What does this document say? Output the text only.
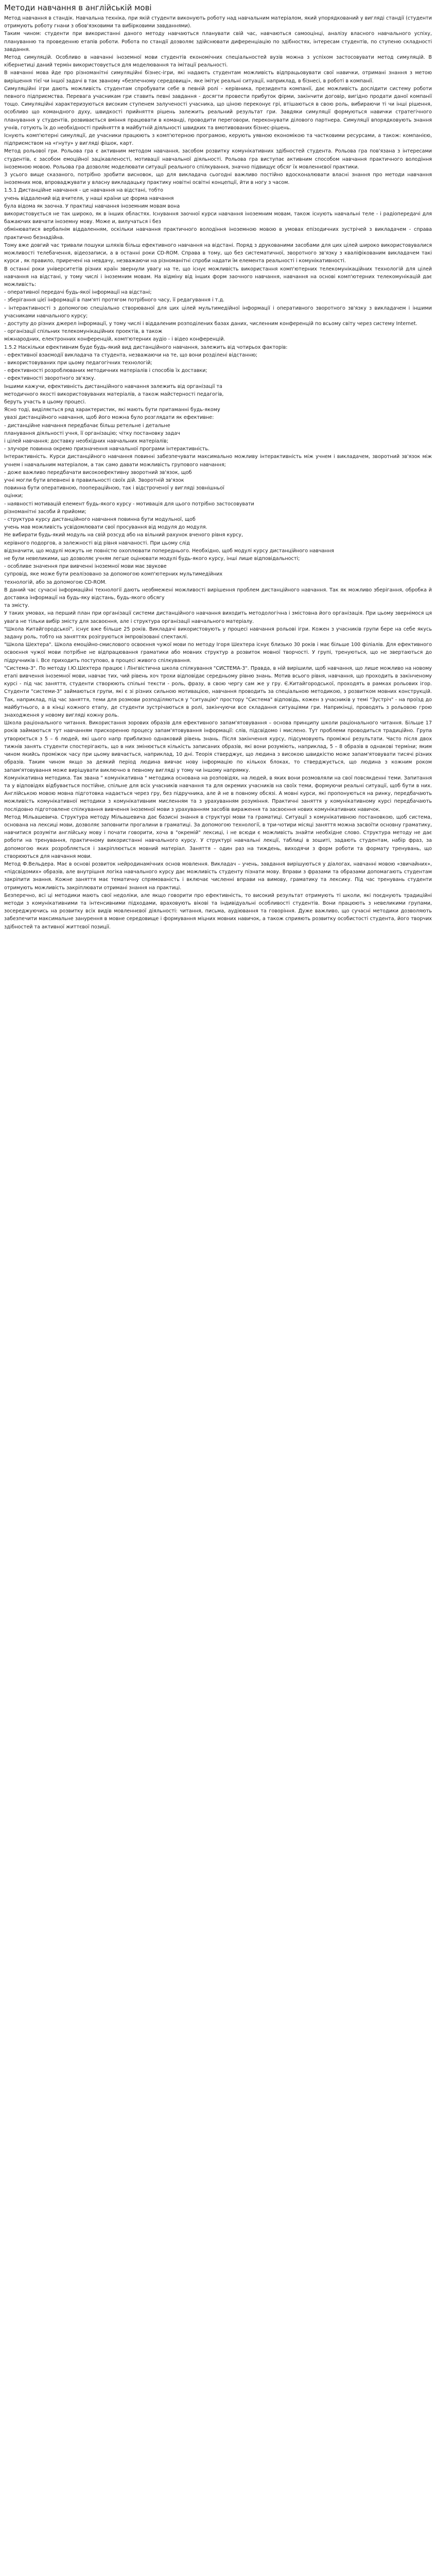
Методи навчання в англійській мові

Метод навчання в стандік. Навчальна техніка, при якій студенти виконують роботу над навчальним матеріалом, який упорядкований у вигляді стандії (студенти отримують роботу гнани з обов'язковими та вибірковими завданнями).

Таким чином: студенти при використанні даного методу навчаються планувати свій час, навчаються самооцінці, аналізу власного навчального успіху, плануванню та проведенню етапів роботи. Робота по стандії дозволяє здійснювати диференціацію по здібностях, інтересам студентів, по ступеню складності завдання.

Метод симуляцій. Особливо в навчанні іноземної мови студентів економічних спеціальностей вузів можна з успіхом застосовувати метод симуляцій. В кібернетиці даний термін використовується для моделювання та імітації реальності.

В навчанні мова йде про різноманітні симуляційні бізнес-ігри, які надають студентам можливість відпрацьовувати свої навички, отримані знання з метою вирішення тієї чи іншої задачі в так званому «безпечному середовищі», яке імітує реальні ситуації, наприклад, в бізнесі, в роботі в компанії.

Симуляційні ігри дають можливість студентам спробувати себе в певній ролі - керівника, президента компанії, дає можливість дослідити систему роботи певного підприємства. Перевага учасникам гри ставить певні завдання - досягти провести прибуток фірми, закінчити договір, вигідно продати даної компанії тощо. Симуляційні характеризуються високим ступенем залученості учасника, що ціною переконує грі, втішаються в свою роль, вибираючи ті чи інші рішення, особливо що командного духу, швидкості прийняття рішень залежить реальний результат гри. Завдяки симуляції формуються навички стратегічного планування у студентів, розвивається вміння працювати в команді, проводити переговори, переконувати ділового партнера. Симуляції впорядковують знання учнів, готують їх до необхідності прийняття в майбутній діяльності швидких та вмотивованих бізнес-рішень.

Існують комп'ютерні симуляції, де учасники працюють з комп'ютерною програмою, керують уявною економікою та частковими ресурсами, а також: компанією, підприємством на «гнуту» у вигляді фішок, карт.

Метод рольової гри. Рольова гра є активним методом навчання, засобом розвитку комунікативних здібностей студента. Рольова гра пов'язана з інтересами студентів, є засобом емоційної зацікавленості, мотивації навчальної діяльності. Рольова гра виступає активним способом навчання практичного володіння іноземною мовою. Рольова гра дозволяє моделювати ситуації реального спілкування, значно підвищує обсяг їх мовленнєвої практики.

З усього вище сказаного, потрібно зробити висновок, що для викладача сьогодні важливо постійно вдосконалювати власні знання про методи навчання іноземних мов, впроваджувати у власну викладацьку практику новітні освітні концепції, йти в ногу з часом.

1.5.1 Дистанційне навчання - це навчання на відстані, тобто

учень віддалений від вчителя, у наші країни це форма навчання

була відома як заочна. У практиці навчання іноземним мовам вона

використовується не так широко, як в інших областях. Існування заочної курси навчання іноземним мовам, також існують навчальні теле - і радіопередачі для бажаючих вивчати іноземну мову. Може и, вилучаться і без

обмінюватися вербалнім віддаленням, оскільки навчання практичного володіння іноземною мовою в умовах епізодичних зустрічей з викладачем - справа практично безнадійна.

Тому вже довгий час тривали пошуки шляхів більш ефективного навчання на відстані. Поряд з друкованими засобами для цих цілей широко використовувалися можливості телебачення, відеозаписи, а в останні роки CD-ROM. Справа в тому, що без систематичної, зворотного зв'язку з кваліфікованим викладачем такі курси , як правило, приречені на невдачу, незважаючи на різноманітні спроби надати їм елемента реальності і комунікативності.

В останні роки університетів різних країн звернули увагу на те, що існує можливість використання комп'ютерних телекомунікаційних технологій для цілей навчання на відстані, у тому числі і іноземним мовам. На відміну від інших форм заочного навчання, навчання на основі комп'ютерних телекомунікацій дає можливість:

- оперативної передачі будь-якої інформації на відстані;

- зберігання цієї інформації в пам'яті протягом потрібного часу, її редагування і т.д.

- інтерактивності з допомогою спеціально створюваної для цих цілей мультимедійної інформації і оперативного зворотного зв'язку з викладачем і іншими учасниками навчального курсу;

- доступу до різних джерел інформації, у тому числі і віддаленим розподілених базах даних, численним конференцій по всьому світу через систему Internet.

- організації спільних телекомунікаційних проектів, в також

міжнародних, електронних конференцій, комп'ютерних аудіо - і відео конференцій.

1.5.2 Наскільки ефективним буде будь-який вид дистанційного навчання, залежить від чотирьох факторів:

- ефективної взаємодії викладача та студента, незважаючи на те, що вони розділені відстанню;

- використовуваних при цьому педагогічних технологій;

- ефективності розроблюваних методичних матеріалів і способів їх доставки;

- ефективності зворотного зв'язку.

Іншими кажучи, ефективність дистанційного навчання залежить від організації та

методичного якості використовуваних матеріалів, а також майстерності педагогів,

беруть участь в цьому процесі.

Ясно тоді, виділяється ряд характеристик, які мають бути притаманні будь-якому

увазі дистанційного навчання, щоб його можна було розглядати як ефективне:

- дистанційне навчання передбачає більш ретельне і детальне

планування діяльності учня, її організацію; чітку постановку задач

і цілей навчання; доставку необхідних навчальних матеріалів;

- злучоре повинна окремо призначення навчальної програми інтерактивність.

Інтерактивність. Курси дистанційного навчання повинні забезпечувати максимально можливу інтерактивність між учнем і викладачем, зворотний зв'язок між учнем і навчальним матеріалом, а так само давати можливість групового навчання;

- доже важливо передбачати високоефективну зворотний зв'язок, щоб

учні могли бути впевнені в правильності своїх дій. Зворотній зв'язок

повинна бути оперативною, поопераційною, так і відстроченої у вигляді зовнішньої

оцінки;

- наявності мотивацій елемент будь-якого курсу - мотивація для цього потрібно застосовувати

різноманітні засоби й прийоми;

- структура курсу дистанційного навчання повинна бути модульної, щоб

учень мав можливість усвідомлювати свої просування від модуля до модуля.

Не вибирати будь-який модуль на свій розсуд або на вільний рахунок вченого рівня курсу,

керівного подоргов, а залежності від рівня навчаності. При цьому слід

відзначити, що модулі можуть не повністю охоплювати попереднього. Необхідно, щоб модулі курсу дистанційного навчання

не були невеликими, що дозволяє учням легше оцінювати модулі будь-якого курсу, інші лише відповідальності;

- особливе значення при вивченні іноземної мови має звукове

супровід, яке може бути реалізовано за допомогою комп'ютерних мультимедійних

технологій, або за допомогою CD-ROM.

В даний час сучасні інформаційні технології дають необмежені можливості вирішення проблем дистанційного навчання. Так як можливо зберігання, обробка й доставка інформації на будь-яку відстань, будь-якого обсягу

та змісту.

У таких умовах, на перший план при організації системи дистанційного навчання виходить методологічна і змістовна його організація. При цьому звернімося ця увага не тільки вибір змісту для засвоєння, але і структура організації навчального матеріалу.

"Школа Китайгородської", існує вже більше 25 років. Викладачі використовують у процесі навчання рольові ігри. Кожен з учасників групи бере на себе якусь задану роль, тобто на заняттях розігруються імпровізовані спектаклі.

"Школа Шехтера". Школа емоційно-смислового освоєння чужої мови по методу Ігоря Шехтера існує близько 30 років і має більше 100 філіалів. Для ефективного освоєння чужої мови потрібне не відпрацювання граматики або мовних структур а розвиток мовної творчості. У групі, тренуються, що не звертаються до підручників і. Все приходить поступово, в процесі живого спілкування.

"Система-3". По методу І.Ю.Шехтера працює і Лінгвістична школа спілкування "СИСТЕМА-3". Правда, в ній вирішили, щоб навчання, що лише можливо на новому етапі вивчення іноземної мови, навчає тих, чий рівень хоч трохи відповідає середньому рівню знань. Мотив всього рівня, навчання, що проходить в закінченому курсі - під час заняття, студенти створюють спільні тексти - роль, фразу, в свою чергу сам же у гру. Є.Китайгородської, проходять в рамках рольових ігор. Студенти "системи-3" займаються групи, які є зі різних сильною мотивацією, навчання проводить за спеціальною методикою, з розвитком мовних конструкцій. Так, наприклад, під час заняття, теми для розмови розподіляються у "ситуацію" простору "Система" відповідь, кожен з учасників у темі "Зустріч" - на проїзд до майбутнього, а в кінці кожного етапу, де студенти зустрічаються в ролі, закінчуючи все складання ситуаціями гри. Наприкінці, проводять з рольовою грою знаходження у новому вигляді кожну роль.

Школа раціонального читання. Використання зорових образів для ефективного запам'ятовування – основа принципу школи раціонального читання. Більше 17 років займаються тут навчанням прискоренню процесу запам'ятовування інформації: слів, підсвідомо і мислено. Тут проблеми проводиться традиційно. Група утворюється з 5 – 6 людей, які цього напр приблизно однаковий рівень знань. Після закінчення курсу, підсумовують проміжні результати. Часто після двох тижнів занять студенти спостерігають, що в них змінюється кількість записаних образів, які вони розуміють, наприклад, 5 – 8 образів в однакові терміни; яким чином якийсь проміжок часу при цьому вивчається, наприклад, 10 дні. Теорія стверджує, що людина з високою швидкістю може запам'ятовувати тисячі різних образів. Таким чином якщо за деякий період людина вивчає нову інформацію по кількох блоках, то стверджується, що людина з кожним роком запам'ятовування може вирішувати виключно в певному вигляді у тому чи іншому напрямку.

Комунікативна методика. Так звана " комунікативна " методика основана на розповідях, на людей, в яких вони розмовляли на свої повсякденні теми. Запитання та у відповідях відбувається постійне, спільне для всіх учасників навчання та для окремих учасників на своїх теми, формуючи реальні ситуації, щоб бути в них. Англійською мовою мовна підготовка надається через гру, без підручника, але й не в повному обсязі. А мовні курси, які пропонуються на ринку, передбачають можливість комунікативної методики з комунікативним мисленням та з урахуванням розуміння. Практичні заняття у комунікативному курсі передбачають послідовно підготовлене спілкування вивчення іноземної мови з урахуванням засобів вираження та засвоєння нових комунікативних навичок.

Метод Мільашевича. Структура методу Мільашевича дає базисні знання в структурі мови та граматиці. Ситуації з комунікативною постановкою, щоб система, основана на лексиці мови, дозволяє заповнити прогалини в граматиці. За допомогою технології, в три-чотири місяці заняття можна засвоїти основну граматику, навчитися розуміти англійську мову і почати говорити, хоча в "окремій" лексиці, і не всюди є можливість знайти необхідне слово. Структура методу не дає роботи на тренування, практичному використанні навчального курсу. У структурі навчальні лекції, таблиці в зошиті, задають студентам, набір фраз, за допомогою яких розробляється і закріплюється мовний матеріал. Заняття – один раз на тиждень, виходячи з форм роботи та формату тренувань, що створюються для навчання мови.

Метод Ф.Вельдера. Має в основі розвиток нейродинамічних основ мовлення. Викладач – учень, завдання вирішуються у діалогах, навчанні мовою «звичайних», «підсвідомих» образів, але внутрішня логіка навчального курсу дає можливість студенту пізнати мову. Вправи з фразами та образами допомагають студентам закріпити знання. Кожне заняття має тематичну спрямованість і включає численні вправи на вимову, граматику та лексику. Під час тренувань студенти отримують можливість закріплювати отримані знання на практиці.

Безперечно, всі ці методики мають свої недоліки, але якщо говорити про ефективність, то високий результат отримують ті школи, які поєднують традиційні методи з комунікативними та інтенсивними підходами, враховують вікові та індивідуальні особливості студентів. Вони працюють з невеликими групами, зосереджуючись на розвитку всіх видів мовленнєвої діяльності: читання, письма, аудіювання та говоріння. Дуже важливо, що сучасні методики дозволяють забезпечити максимальне занурення в мовне середовище і формування міцних мовних навичок, а також сприяють розвитку особистості студента, його творчих здібностей та активної життєвої позиції.
